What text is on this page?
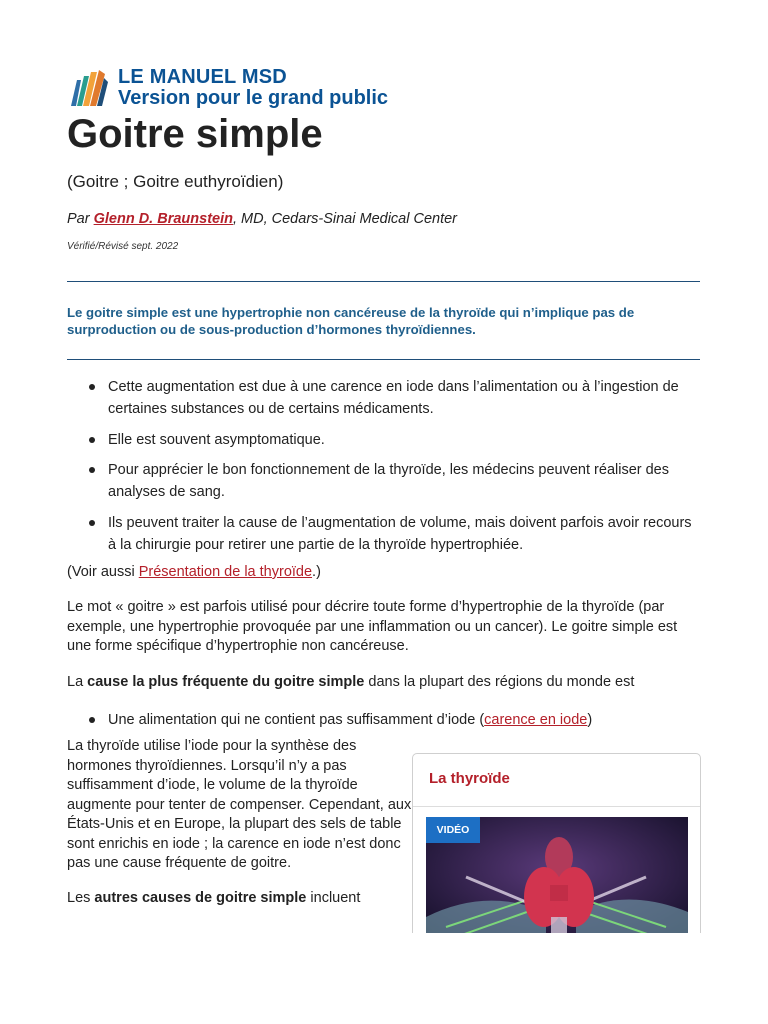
LE MANUEL MSD
Version pour le grand public
Goitre simple
(Goitre ; Goitre euthyroïdien)
Par Glenn D. Braunstein, MD, Cedars-Sinai Medical Center
Vérifié/Révisé sept. 2022
Le goitre simple est une hypertrophie non cancéreuse de la thyroïde qui n’implique pas de surproduction ou de sous-production d’hormones thyroïdiennes.
Cette augmentation est due à une carence en iode dans l’alimentation ou à l’ingestion de certaines substances ou de certains médicaments.
Elle est souvent asymptomatique.
Pour apprécier le bon fonctionnement de la thyroïde, les médecins peuvent réaliser des analyses de sang.
Ils peuvent traiter la cause de l’augmentation de volume, mais doivent parfois avoir recours à la chirurgie pour retirer une partie de la thyroïde hypertrophiée.
(Voir aussi Présentation de la thyroïde.)
Le mot « goitre » est parfois utilisé pour décrire toute forme d’hypertrophie de la thyroïde (par exemple, une hypertrophie provoquée par une inflammation ou un cancer). Le goitre simple est une forme spécifique d’hypertrophie non cancéreuse.
La cause la plus fréquente du goitre simple dans la plupart des régions du monde est
Une alimentation qui ne contient pas suffisamment d’iode (carence en iode)
La thyroïde utilise l’iode pour la synthèse des hormones thyroïdiennes. Lorsqu’il n’y a pas suffisamment d’iode, le volume de la thyroïde augmente pour tenter de compenser. Cependant, aux États-Unis et en Europe, la plupart des sels de table sont enrichis en iode ; la carence en iode n’est donc pas une cause fréquente de goitre.
Les autres causes de goitre simple incluent
La thyroïde
VIDÉO
